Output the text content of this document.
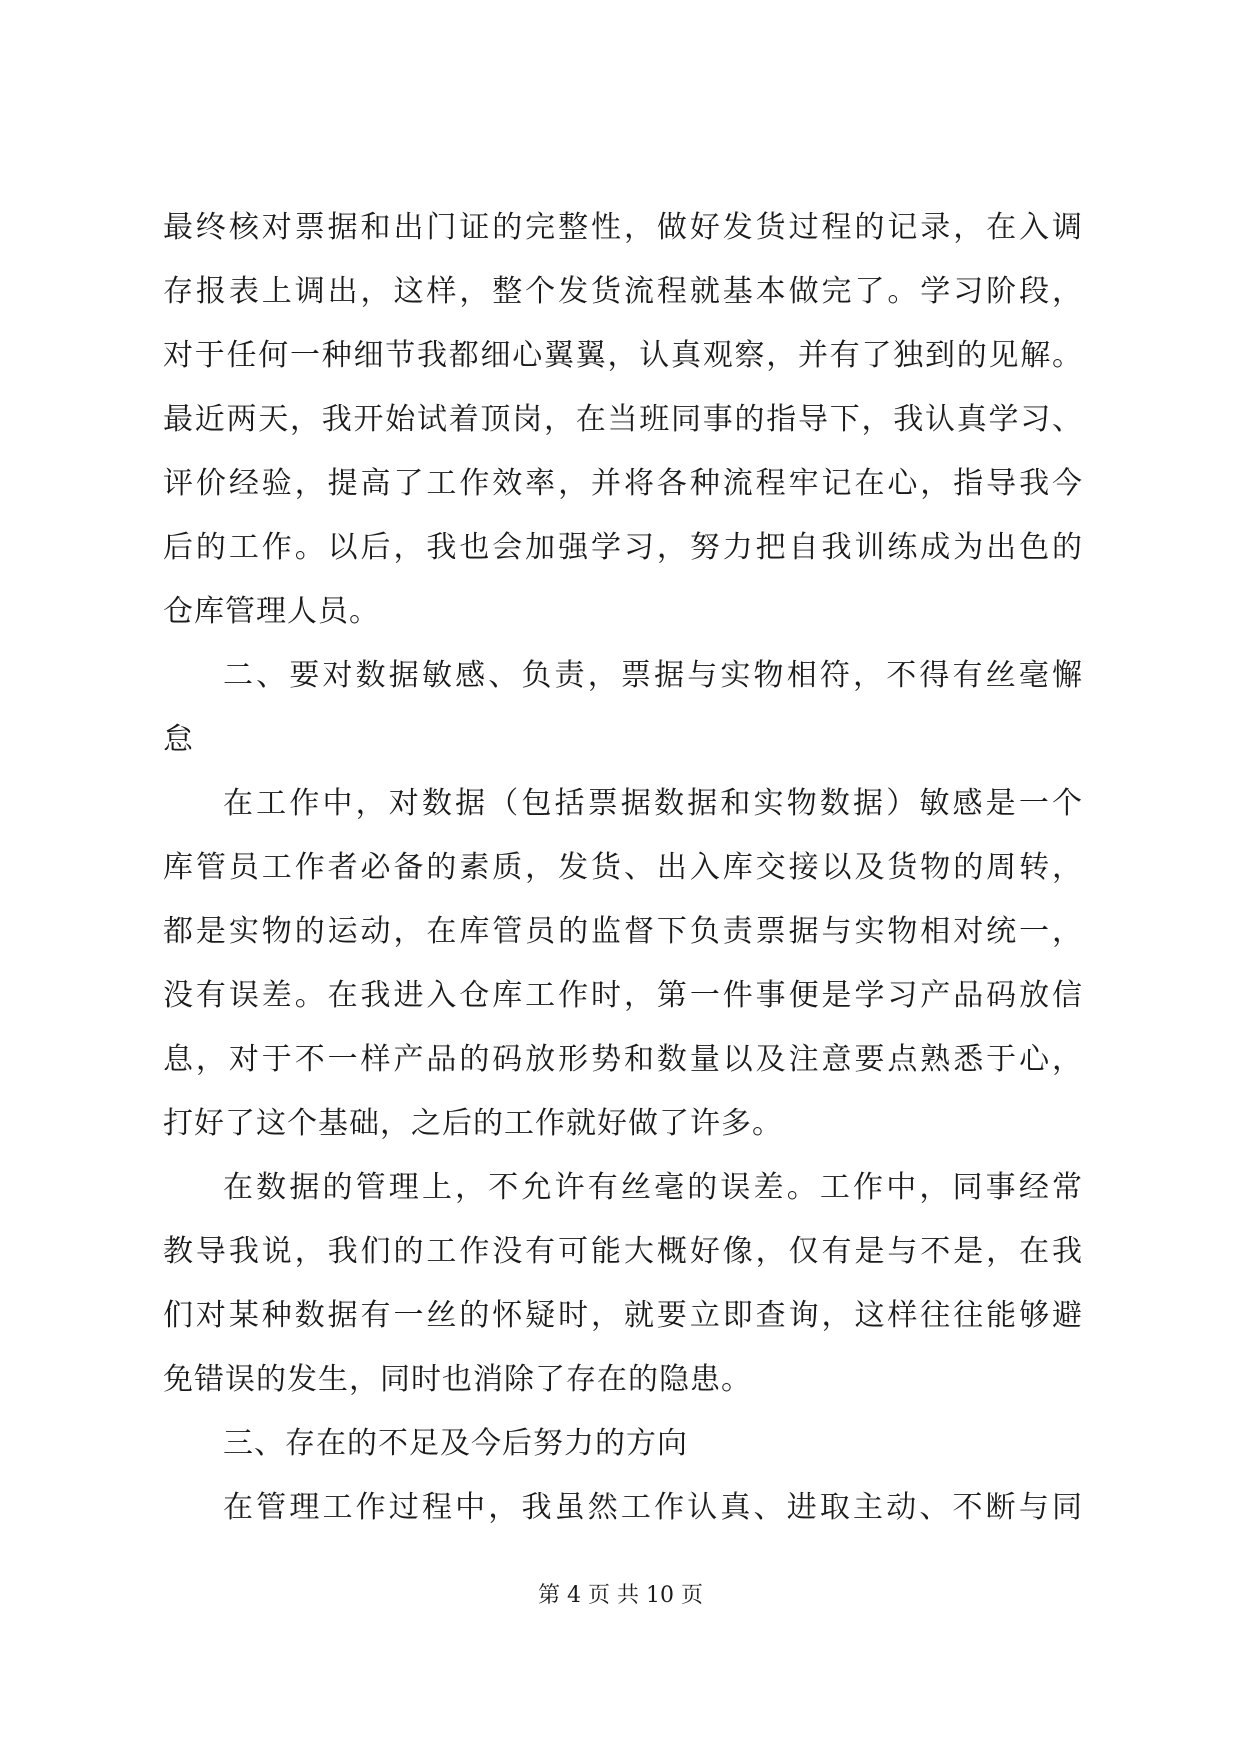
最终核对票据和出门证的完整性，做好发货过程的记录，在入调
存报表上调出，这样，整个发货流程就基本做完了。学习阶段，
对于任何一种细节我都细心翼翼，认真观察，并有了独到的见解。
最近两天，我开始试着顶岗，在当班同事的指导下，我认真学习、
评价经验，提高了工作效率，并将各种流程牢记在心，指导我今
后的工作。以后，我也会加强学习，努力把自我训练成为出色的
仓库管理人员。
二、要对数据敏感、负责，票据与实物相符，不得有丝毫懈
怠
在工作中，对数据（包括票据数据和实物数据）敏感是一个
库管员工作者必备的素质，发货、出入库交接以及货物的周转，
都是实物的运动，在库管员的监督下负责票据与实物相对统一，
没有误差。在我进入仓库工作时，第一件事便是学习产品码放信
息，对于不一样产品的码放形势和数量以及注意要点熟悉于心，
打好了这个基础，之后的工作就好做了许多。
在数据的管理上，不允许有丝毫的误差。工作中，同事经常
教导我说，我们的工作没有可能大概好像，仅有是与不是，在我
们对某种数据有一丝的怀疑时，就要立即查询，这样往往能够避
免错误的发生，同时也消除了存在的隐患。
三、存在的不足及今后努力的方向
在管理工作过程中，我虽然工作认真、进取主动、不断与同
第 4 页 共 10 页
